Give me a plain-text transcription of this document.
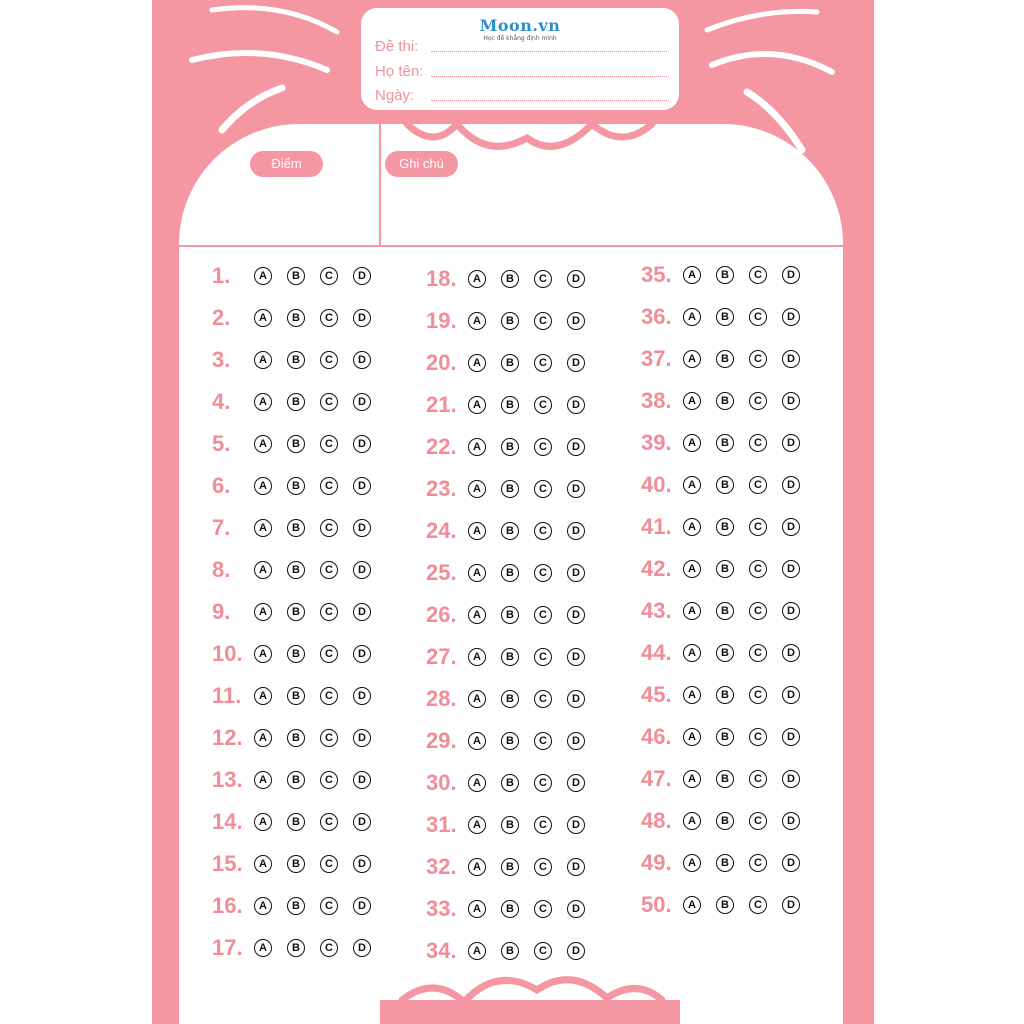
Moon.vn
Học để khẳng định mình
Đề thi:
Họ tên:
Ngày:
Điểm	Ghi chú
1.	A	B	C	D
2.	A	B	C	D
3.	A	B	C	D
4.	A	B	C	D
5.	A	B	C	D
6.	A	B	C	D
7.	A	B	C	D
8.	A	B	C	D
9.	A	B	C	D
10.	A	B	C	D
11.	A	B	C	D
12.	A	B	C	D
13.	A	B	C	D
14.	A	B	C	D
15.	A	B	C	D
16.	A	B	C	D
17.	A	B	C	D
18.	A	B	C	D
19.	A	B	C	D
20.	A	B	C	D
21.	A	B	C	D
22.	A	B	C	D
23.	A	B	C	D
24.	A	B	C	D
25.	A	B	C	D
26.	A	B	C	D
27.	A	B	C	D
28.	A	B	C	D
29.	A	B	C	D
30.	A	B	C	D
31.	A	B	C	D
32.	A	B	C	D
33.	A	B	C	D
34.	A	B	C	D
35.	A	B	C	D
36.	A	B	C	D
37.	A	B	C	D
38.	A	B	C	D
39.	A	B	C	D
40.	A	B	C	D
41.	A	B	C	D
42.	A	B	C	D
43.	A	B	C	D
44.	A	B	C	D
45.	A	B	C	D
46.	A	B	C	D
47.	A	B	C	D
48.	A	B	C	D
49.	A	B	C	D
50.	A	B	C	D
